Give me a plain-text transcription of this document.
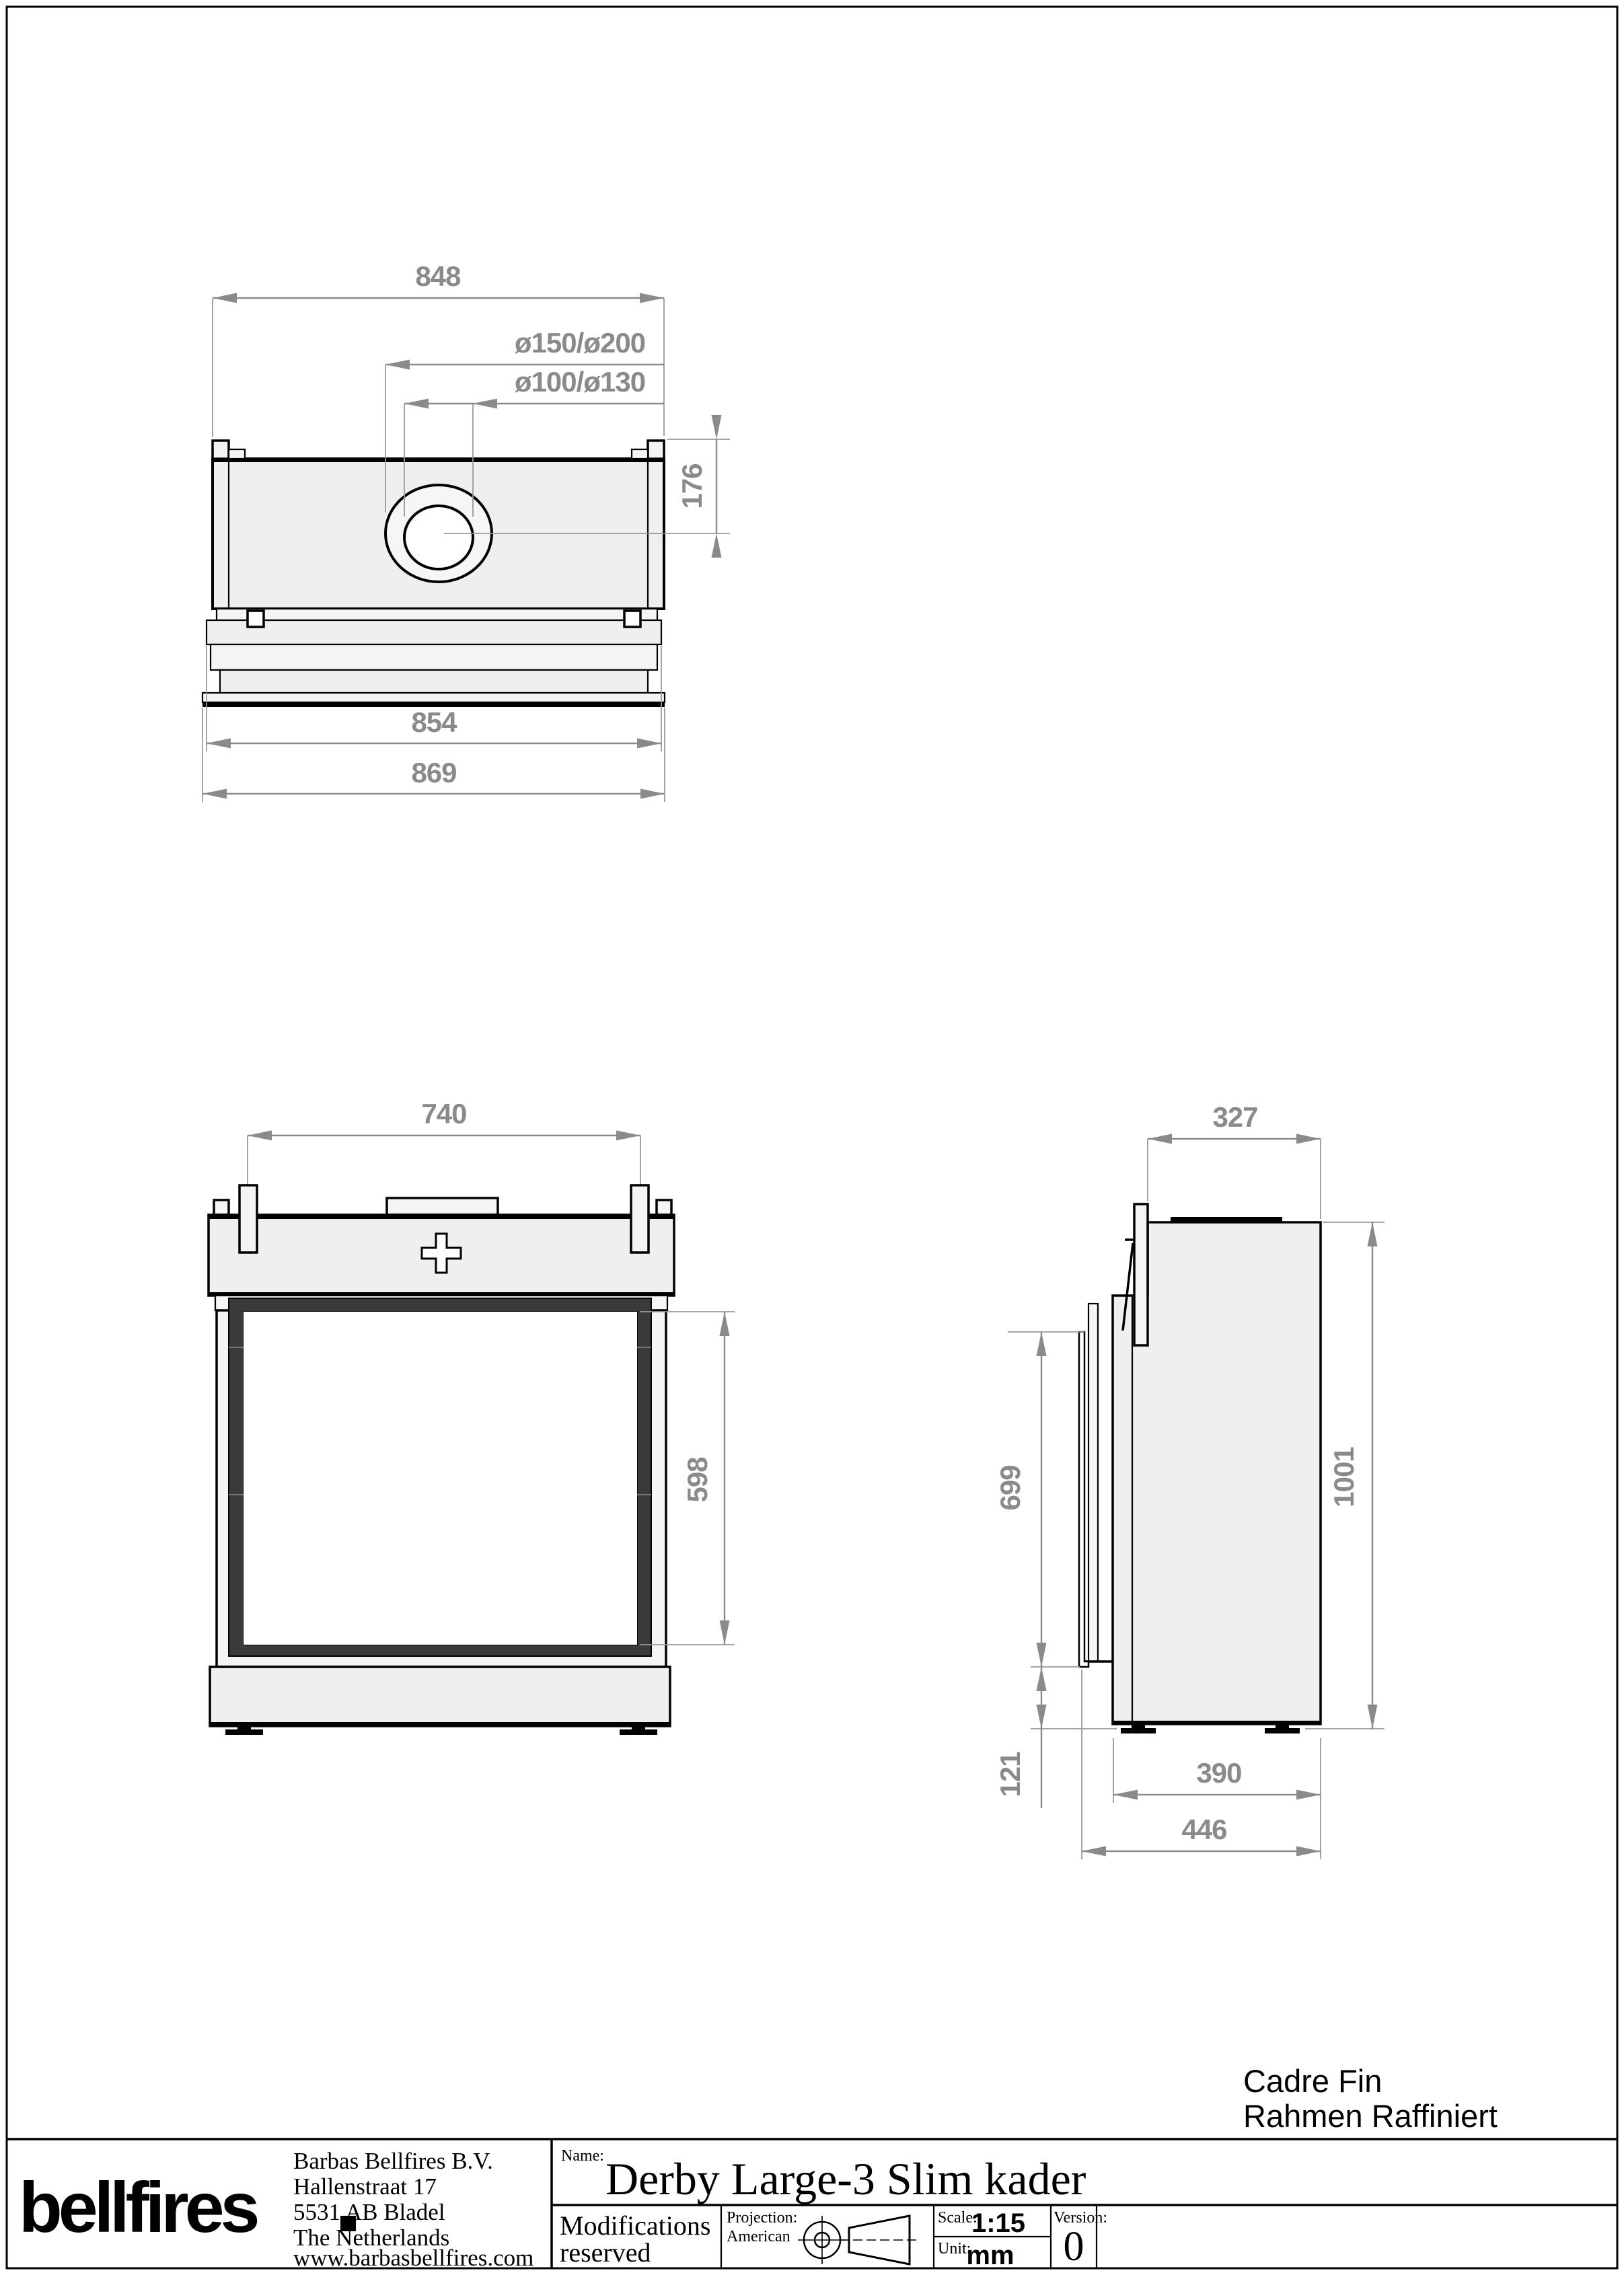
848
ø150/ø200
ø100/ø130
176
854
869
740
598
327
699
121
1001
390
446
Cadre Fin
Rahmen Raffiniert
bellfires
Barbas Bellfires B.V.
Hallenstraat 17
5531 AB Bladel
The Netherlands
www.barbasbellfires.com
Name: Derby Large-3 Slim kader
Modifications
reserved
Projection:
American
Scale:
1:15
Unit:
mm
Version:
0
